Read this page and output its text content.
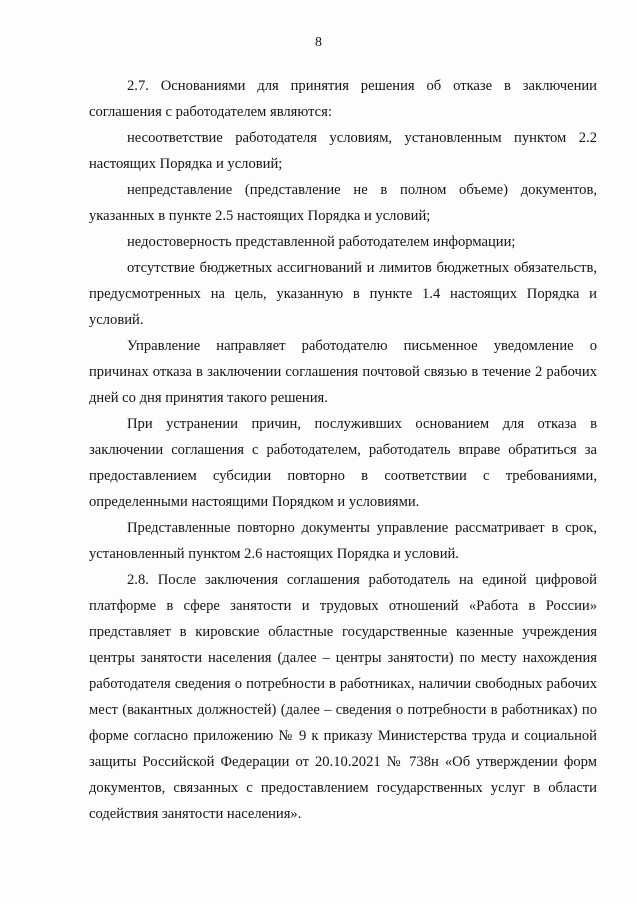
8

2.7. Основаниями для принятия решения об отказе в заключении соглашения с работодателем являются:

несоответствие работодателя условиям, установленным пунктом 2.2 настоящих Порядка и условий;

непредставление (представление не в полном объеме) документов, указанных в пункте 2.5 настоящих Порядка и условий;

недостоверность представленной работодателем информации;

отсутствие бюджетных ассигнований и лимитов бюджетных обязательств, предусмотренных на цель, указанную в пункте 1.4 настоящих Порядка и условий.

Управление направляет работодателю письменное уведомление о причинах отказа в заключении соглашения почтовой связью в течение 2 рабочих дней со дня принятия такого решения.

При устранении причин, послуживших основанием для отказа в заключении соглашения с работодателем, работодатель вправе обратиться за предоставлением субсидии повторно в соответствии с требованиями, определенными настоящими Порядком и условиями.

Представленные повторно документы управление рассматривает в срок, установленный пунктом 2.6 настоящих Порядка и условий.

2.8. После заключения соглашения работодатель на единой цифровой платформе в сфере занятости и трудовых отношений «Работа в России» представляет в кировские областные государственные казенные учреждения центры занятости населения (далее – центры занятости) по месту нахождения работодателя сведения о потребности в работниках, наличии свободных рабочих мест (вакантных должностей) (далее – сведения о потребности в работниках) по форме согласно приложению № 9 к приказу Министерства труда и социальной защиты Российской Федерации от 20.10.2021 № 738н «Об утверждении форм документов, связанных с предоставлением государственных услуг в области содействия занятости населения».
